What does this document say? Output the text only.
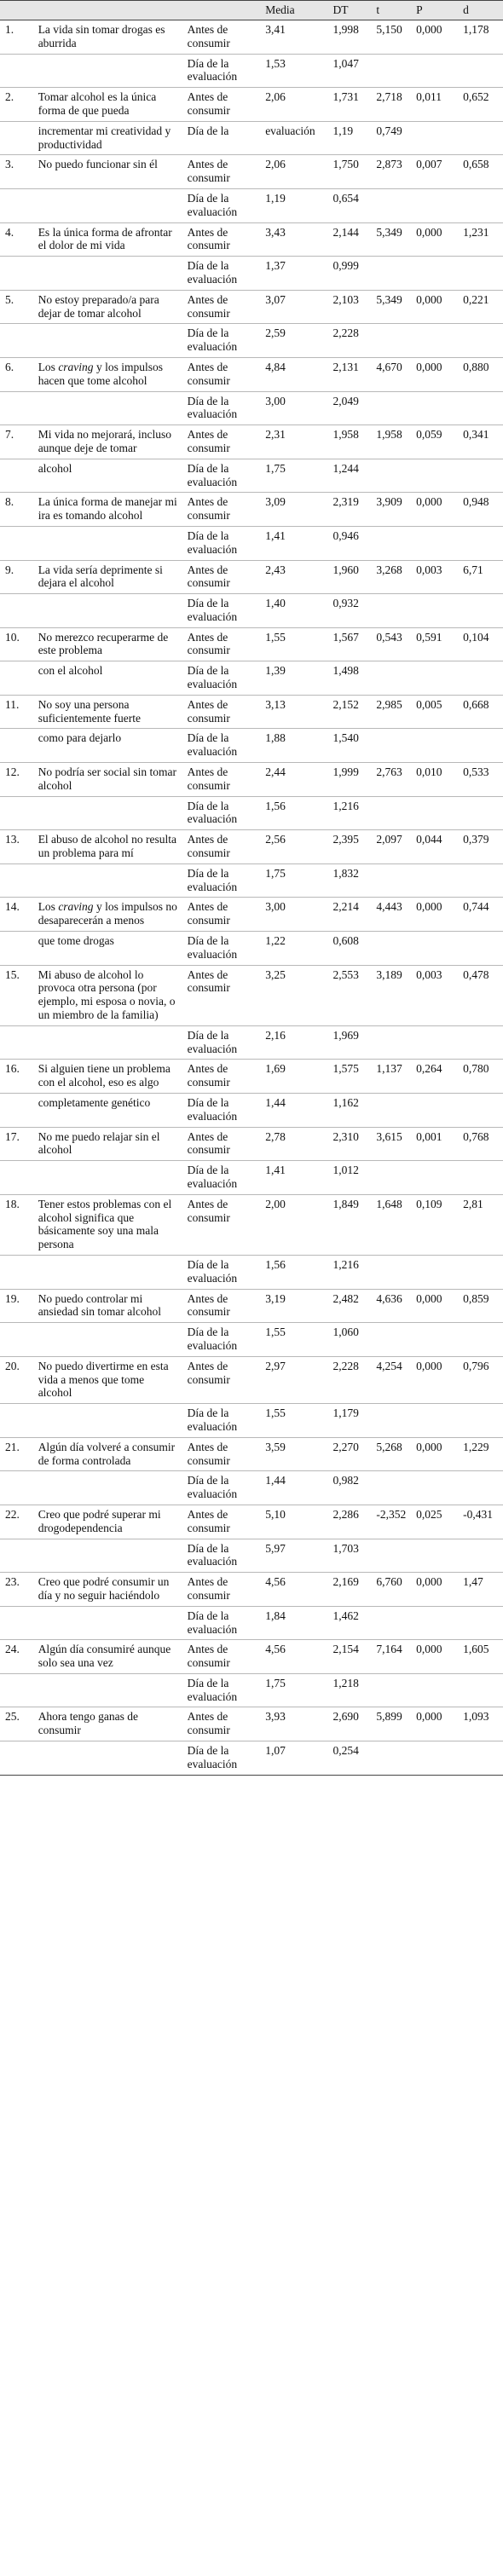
			Media	DT	t	P	d
1.	La vida sin tomar drogas es aburrida	Antes de consumir	3,41	1,998	5,150	0,000	1,178
		Día de la evaluación	1,53	1,047			
2.	Tomar alcohol es la única forma de que pueda	Antes de consumir	2,06	1,731	2,718	0,011	0,652
	incrementar mi creatividad y productividad	Día de la	evaluación	1,19	0,749		
3.	No puedo funcionar sin él	Antes de consumir	2,06	1,750	2,873	0,007	0,658
		Día de la evaluación	1,19	0,654			
4.	Es la única forma de afrontar el dolor de mi vida	Antes de consumir	3,43	2,144	5,349	0,000	1,231
		Día de la evaluación	1,37	0,999			
5.	No estoy preparado/a para dejar de tomar alcohol	Antes de consumir	3,07	2,103	5,349	0,000	0,221
		Día de la evaluación	2,59	2,228			
6.	Los craving y los impulsos hacen que tome alcohol	Antes de consumir	4,84	2,131	4,670	0,000	0,880
		Día de la evaluación	3,00	2,049			
7.	Mi vida no mejorará, incluso aunque deje de tomar	Antes de consumir	2,31	1,958	1,958	0,059	0,341
	alcohol	Día de la evaluación	1,75	1,244			
8.	La única forma de manejar mi ira es tomando alcohol	Antes de consumir	3,09	2,319	3,909	0,000	0,948
		Día de la evaluación	1,41	0,946			
9.	La vida sería deprimente si dejara el alcohol	Antes de consumir	2,43	1,960	3,268	0,003	6,71
		Día de la evaluación	1,40	0,932			
10.	No merezco recuperarme de este problema	Antes de consumir	1,55	1,567	0,543	0,591	0,104
	con el alcohol	Día de la evaluación	1,39	1,498			
11.	No soy una persona suficientemente fuerte	Antes de consumir	3,13	2,152	2,985	0,005	0,668
	como para dejarlo	Día de la evaluación	1,88	1,540			
12.	No podría ser social sin tomar alcohol	Antes de consumir	2,44	1,999	2,763	0,010	0,533
		Día de la evaluación	1,56	1,216			
13.	El abuso de alcohol no resulta un problema para mí	Antes de consumir	2,56	2,395	2,097	0,044	0,379
		Día de la evaluación	1,75	1,832			
14.	Los craving y los impulsos no desaparecerán a menos	Antes de consumir	3,00	2,214	4,443	0,000	0,744
	que tome drogas	Día de la evaluación	1,22	0,608			
15.	Mi abuso de alcohol lo provoca otra persona (por ejemplo, mi esposa o novia, o un miembro de la familia)	Antes de consumir	3,25	2,553	3,189	0,003	0,478
		Día de la evaluación	2,16	1,969			
16.	Si alguien tiene un problema con el alcohol, eso es algo	Antes de consumir	1,69	1,575	1,137	0,264	0,780
	completamente genético	Día de la evaluación	1,44	1,162			
17.	No me puedo relajar sin el alcohol	Antes de consumir	2,78	2,310	3,615	0,001	0,768
		Día de la evaluación	1,41	1,012			
18.	Tener estos problemas con el alcohol significa que básicamente soy una mala persona	Antes de consumir	2,00	1,849	1,648	0,109	2,81
		Día de la evaluación	1,56	1,216			
19.	No puedo controlar mi ansiedad sin tomar alcohol	Antes de consumir	3,19	2,482	4,636	0,000	0,859
		Día de la evaluación	1,55	1,060			
20.	No puedo divertirme en esta vida a menos que tome alcohol	Antes de consumir	2,97	2,228	4,254	0,000	0,796
		Día de la evaluación	1,55	1,179			
21.	Algún día volveré a consumir de forma controlada	Antes de consumir	3,59	2,270	5,268	0,000	1,229
		Día de la evaluación	1,44	0,982			
22.	Creo que podré superar mi drogodependencia	Antes de consumir	5,10	2,286	-2,352	0,025	-0,431
		Día de la evaluación	5,97	1,703			
23.	Creo que podré consumir un día y no seguir haciéndolo	Antes de consumir	4,56	2,169	6,760	0,000	1,47
		Día de la evaluación	1,84	1,462			
24.	Algún día consumiré aunque solo sea una vez	Antes de consumir	4,56	2,154	7,164	0,000	1,605
		Día de la evaluación	1,75	1,218			
25.	Ahora tengo ganas de consumir	Antes de consumir	3,93	2,690	5,899	0,000	1,093
		Día de la evaluación	1,07	0,254			
